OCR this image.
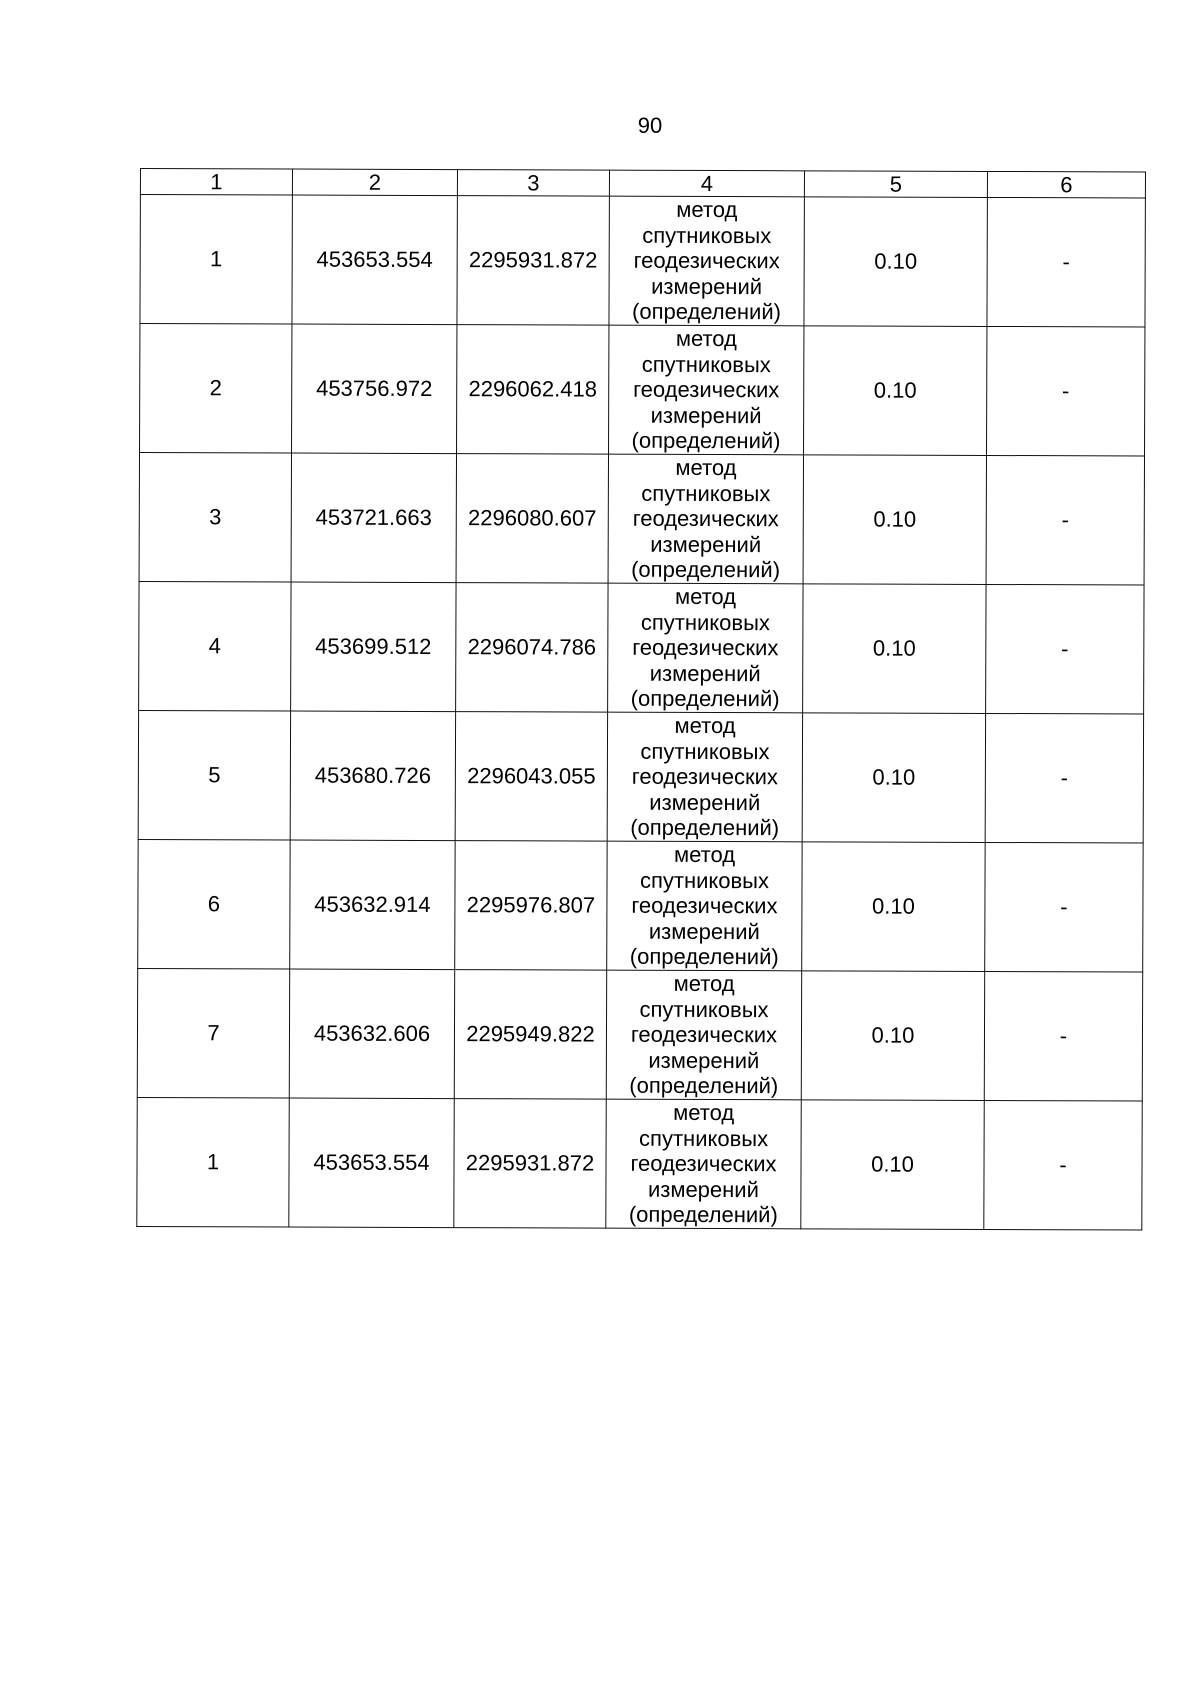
90
1	2	3	4	5	6
1	453653.554	2295931.872	метод
спутниковых
геодезических
измерений
(определений)	0.10	-
2	453756.972	2296062.418	метод
спутниковых
геодезических
измерений
(определений)	0.10	-
3	453721.663	2296080.607	метод
спутниковых
геодезических
измерений
(определений)	0.10	-
4	453699.512	2296074.786	метод
спутниковых
геодезических
измерений
(определений)	0.10	-
5	453680.726	2296043.055	метод
спутниковых
геодезических
измерений
(определений)	0.10	-
6	453632.914	2295976.807	метод
спутниковых
геодезических
измерений
(определений)	0.10	-
7	453632.606	2295949.822	метод
спутниковых
геодезических
измерений
(определений)	0.10	-
1	453653.554	2295931.872	метод
спутниковых
геодезических
измерений
(определений)	0.10	-
